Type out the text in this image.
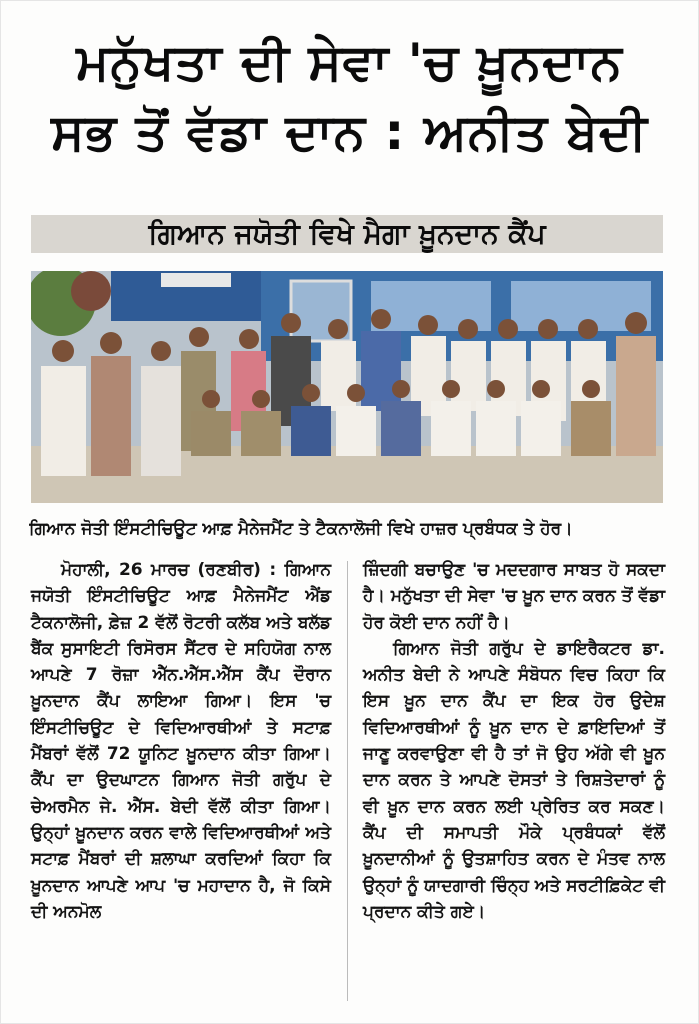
ਮਨੁੱਖਤਾ ਦੀ ਸੇਵਾ 'ਚ ਖ਼ੂਨਦਾਨ
ਸਭ ਤੋਂ ਵੱਡਾ ਦਾਨ : ਅਨੀਤ ਬੇਦੀ
ਗਿਆਨ ਜਯੋਤੀ ਵਿਖੇ ਮੈਗਾ ਖ਼ੂਨਦਾਨ ਕੈਂਪ
ਗਿਆਨ ਜੋਤੀ ਇੰਸਟੀਚਿਊਟ ਆਫ਼ ਮੈਨੇਜਮੈਂਟ ਤੇ ਟੈਕਨਾਲੋਜੀ ਵਿਖੇ ਹਾਜ਼ਰ ਪ੍ਰਬੰਧਕ ਤੇ ਹੋਰ।

ਮੋਹਾਲੀ, 26 ਮਾਰਚ (ਰਣਬੀਰ) : ਗਿਆਨ ਜਯੋਤੀ ਇੰਸਟੀਚਿਊਟ ਆਫ਼ ਮੈਨੇਜਮੈਂਟ ਐਂਡ ਟੈਕਨਾਲੋਜੀ, ਫ਼ੇਜ਼ 2 ਵੱਲੋਂ ਰੋਟਰੀ ਕਲੱਬ ਅਤੇ ਬਲੱਡ ਬੈਂਕ ਸੁਸਾਇਟੀ ਰਿਸੋਰਸ ਸੈਂਟਰ ਦੇ ਸਹਿਯੋਗ ਨਾਲ ਆਪਣੇ 7 ਰੋਜ਼ਾ ਐੱਨ.ਐੱਸ.ਐੱਸ ਕੈਂਪ ਦੌਰਾਨ ਖ਼ੂਨਦਾਨ ਕੈਂਪ ਲਾਇਆ ਗਿਆ। ਇਸ 'ਚ ਇੰਸਟੀਚਿਊਟ ਦੇ ਵਿਦਿਆਰਥੀਆਂ ਤੇ ਸਟਾਫ਼ ਮੈਂਬਰਾਂ ਵੱਲੋਂ 72 ਯੂਨਿਟ ਖ਼ੂਨਦਾਨ ਕੀਤਾ ਗਿਆ। ਕੈਂਪ ਦਾ ਉਦਘਾਟਨ ਗਿਆਨ ਜੋਤੀ ਗਰੁੱਪ ਦੇ ਚੇਅਰਮੈਨ ਜੇ. ਐੱਸ. ਬੇਦੀ ਵੱਲੋਂ ਕੀਤਾ ਗਿਆ। ਉਨ੍ਹਾਂ ਖ਼ੂਨਦਾਨ ਕਰਨ ਵਾਲੇ ਵਿਦਿਆਰਥੀਆਂ ਅਤੇ ਸਟਾਫ਼ ਮੈਂਬਰਾਂ ਦੀ ਸ਼ਲਾਘਾ ਕਰਦਿਆਂ ਕਿਹਾ ਕਿ ਖ਼ੂਨਦਾਨ ਆਪਣੇ ਆਪ 'ਚ ਮਹਾਦਾਨ ਹੈ, ਜੋ ਕਿਸੇ ਦੀ ਅਨਮੋਲ

ਜ਼ਿੰਦਗੀ ਬਚਾਉਣ 'ਚ ਮਦਦਗਾਰ ਸਾਬਤ ਹੋ ਸਕਦਾ ਹੈ। ਮਨੁੱਖਤਾ ਦੀ ਸੇਵਾ 'ਚ ਖ਼ੂਨ ਦਾਨ ਕਰਨ ਤੋਂ ਵੱਡਾ ਹੋਰ ਕੋਈ ਦਾਨ ਨਹੀਂ ਹੈ।

ਗਿਆਨ ਜੋਤੀ ਗਰੁੱਪ ਦੇ ਡਾਇਰੈਕਟਰ ਡਾ. ਅਨੀਤ ਬੇਦੀ ਨੇ ਆਪਣੇ ਸੰਬੋਧਨ ਵਿਚ ਕਿਹਾ ਕਿ ਇਸ ਖ਼ੂਨ ਦਾਨ ਕੈਂਪ ਦਾ ਇਕ ਹੋਰ ਉਦੇਸ਼ ਵਿਦਿਆਰਥੀਆਂ ਨੂੰ ਖ਼ੂਨ ਦਾਨ ਦੇ ਫ਼ਾਇਦਿਆਂ ਤੋਂ ਜਾਣੂ ਕਰਵਾਉਣਾ ਵੀ ਹੈ ਤਾਂ ਜੋ ਉਹ ਅੱਗੇ ਵੀ ਖ਼ੂਨ ਦਾਨ ਕਰਨ ਤੇ ਆਪਣੇ ਦੋਸਤਾਂ ਤੇ ਰਿਸ਼ਤੇਦਾਰਾਂ ਨੂੰ ਵੀ ਖ਼ੂਨ ਦਾਨ ਕਰਨ ਲਈ ਪ੍ਰੇਰਿਤ ਕਰ ਸਕਣ। ਕੈਂਪ ਦੀ ਸਮਾਪਤੀ ਮੌਕੇ ਪ੍ਰਬੰਧਕਾਂ ਵੱਲੋਂ ਖ਼ੂਨਦਾਨੀਆਂ ਨੂੰ ਉਤਸ਼ਾਹਿਤ ਕਰਨ ਦੇ ਮੰਤਵ ਨਾਲ ਉਨ੍ਹਾਂ ਨੂੰ ਯਾਦਗਾਰੀ ਚਿੰਨ੍ਹ ਅਤੇ ਸਰਟੀਫ਼ਿਕੇਟ ਵੀ ਪ੍ਰਦਾਨ ਕੀਤੇ ਗਏ।
